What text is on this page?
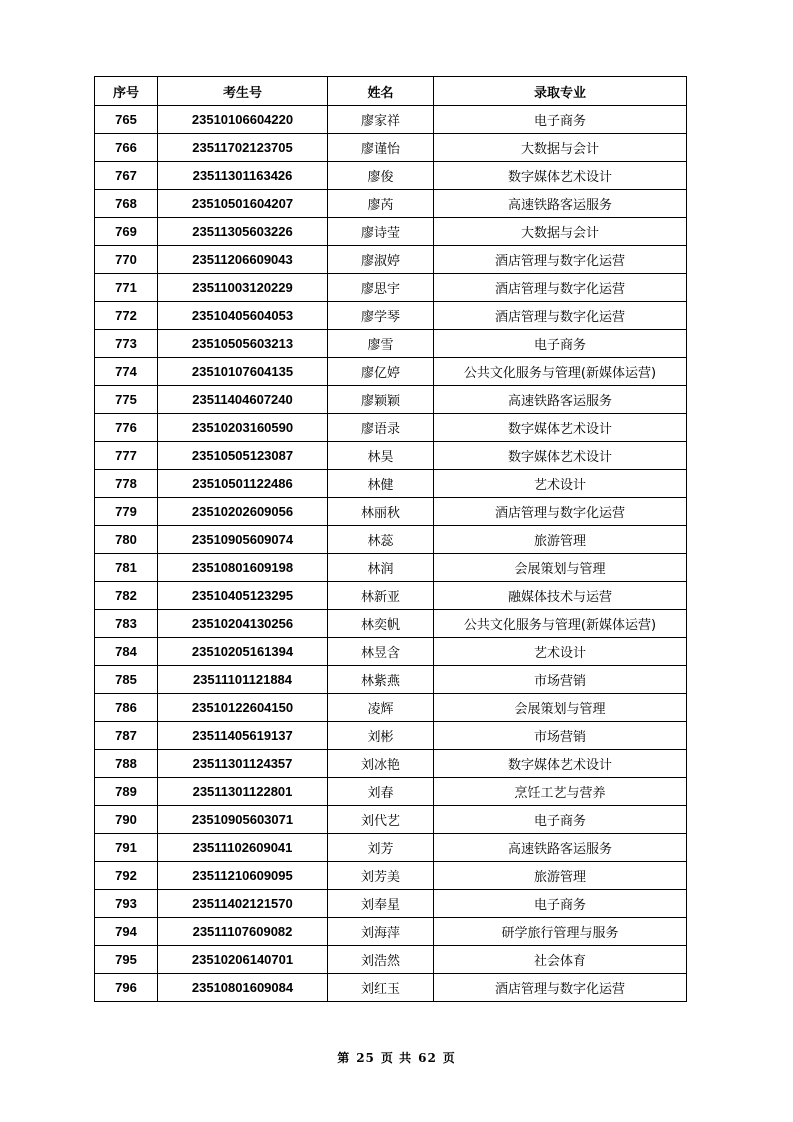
序号	考生号	姓名	录取专业
765	23510106604220	廖家祥	电子商务
766	23511702123705	廖谨怡	大数据与会计
767	23511301163426	廖俊	数字媒体艺术设计
768	23510501604207	廖芮	高速铁路客运服务
769	23511305603226	廖诗莹	大数据与会计
770	23511206609043	廖淑婷	酒店管理与数字化运营
771	23511003120229	廖思宇	酒店管理与数字化运营
772	23510405604053	廖学琴	酒店管理与数字化运营
773	23510505603213	廖雪	电子商务
774	23510107604135	廖亿婷	公共文化服务与管理(新媒体运营)
775	23511404607240	廖颖颖	高速铁路客运服务
776	23510203160590	廖语录	数字媒体艺术设计
777	23510505123087	林昊	数字媒体艺术设计
778	23510501122486	林健	艺术设计
779	23510202609056	林丽秋	酒店管理与数字化运营
780	23510905609074	林蕊	旅游管理
781	23510801609198	林润	会展策划与管理
782	23510405123295	林新亚	融媒体技术与运营
783	23510204130256	林奕帆	公共文化服务与管理(新媒体运营)
784	23510205161394	林昱含	艺术设计
785	23511101121884	林紫燕	市场营销
786	23510122604150	凌辉	会展策划与管理
787	23511405619137	刘彬	市场营销
788	23511301124357	刘冰艳	数字媒体艺术设计
789	23511301122801	刘春	烹饪工艺与营养
790	23510905603071	刘代艺	电子商务
791	23511102609041	刘芳	高速铁路客运服务
792	23511210609095	刘芳美	旅游管理
793	23511402121570	刘奉星	电子商务
794	23511107609082	刘海萍	研学旅行管理与服务
795	23510206140701	刘浩然	社会体育
796	23510801609084	刘红玉	酒店管理与数字化运营
第 25 页 共 62 页
